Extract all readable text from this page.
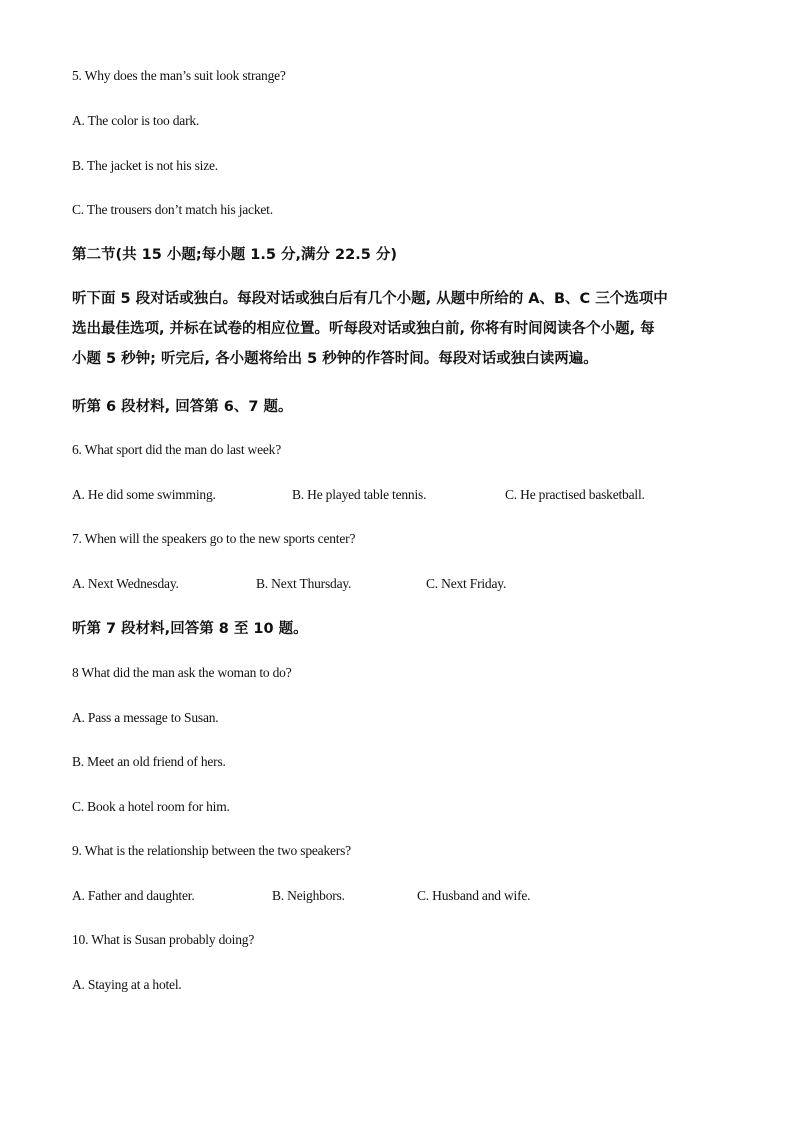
5. Why does the man’s suit look strange?
A. The color is too dark.
B. The jacket is not his size.
C. The trousers don’t match his jacket.
第二节(共 15 小题;每小题 1.5 分,满分 22.5 分)
听下面 5 段对话或独白。每段对话或独白后有几个小题, 从题中所给的 A、B、C 三个选项中
选出最佳选项, 并标在试卷的相应位置。听每段对话或独白前, 你将有时间阅读各个小题, 每
小题 5 秒钟; 听完后, 各小题将给出 5 秒钟的作答时间。每段对话或独白读两遍。
听第 6 段材料, 回答第 6、7 题。
6. What sport did the man do last week?
A. He did some swimming.	B. He played table tennis.	C. He practised basketball.
7. When will the speakers go to the new sports center?
A. Next Wednesday.	B. Next Thursday.	C. Next Friday.
听第 7 段材料,回答第 8 至 10 题。
8 What did the man ask the woman to do?
A. Pass a message to Susan.
B. Meet an old friend of hers.
C. Book a hotel room for him.
9. What is the relationship between the two speakers?
A. Father and daughter.	B. Neighbors.	C. Husband and wife.
10. What is Susan probably doing?
A. Staying at a hotel.
